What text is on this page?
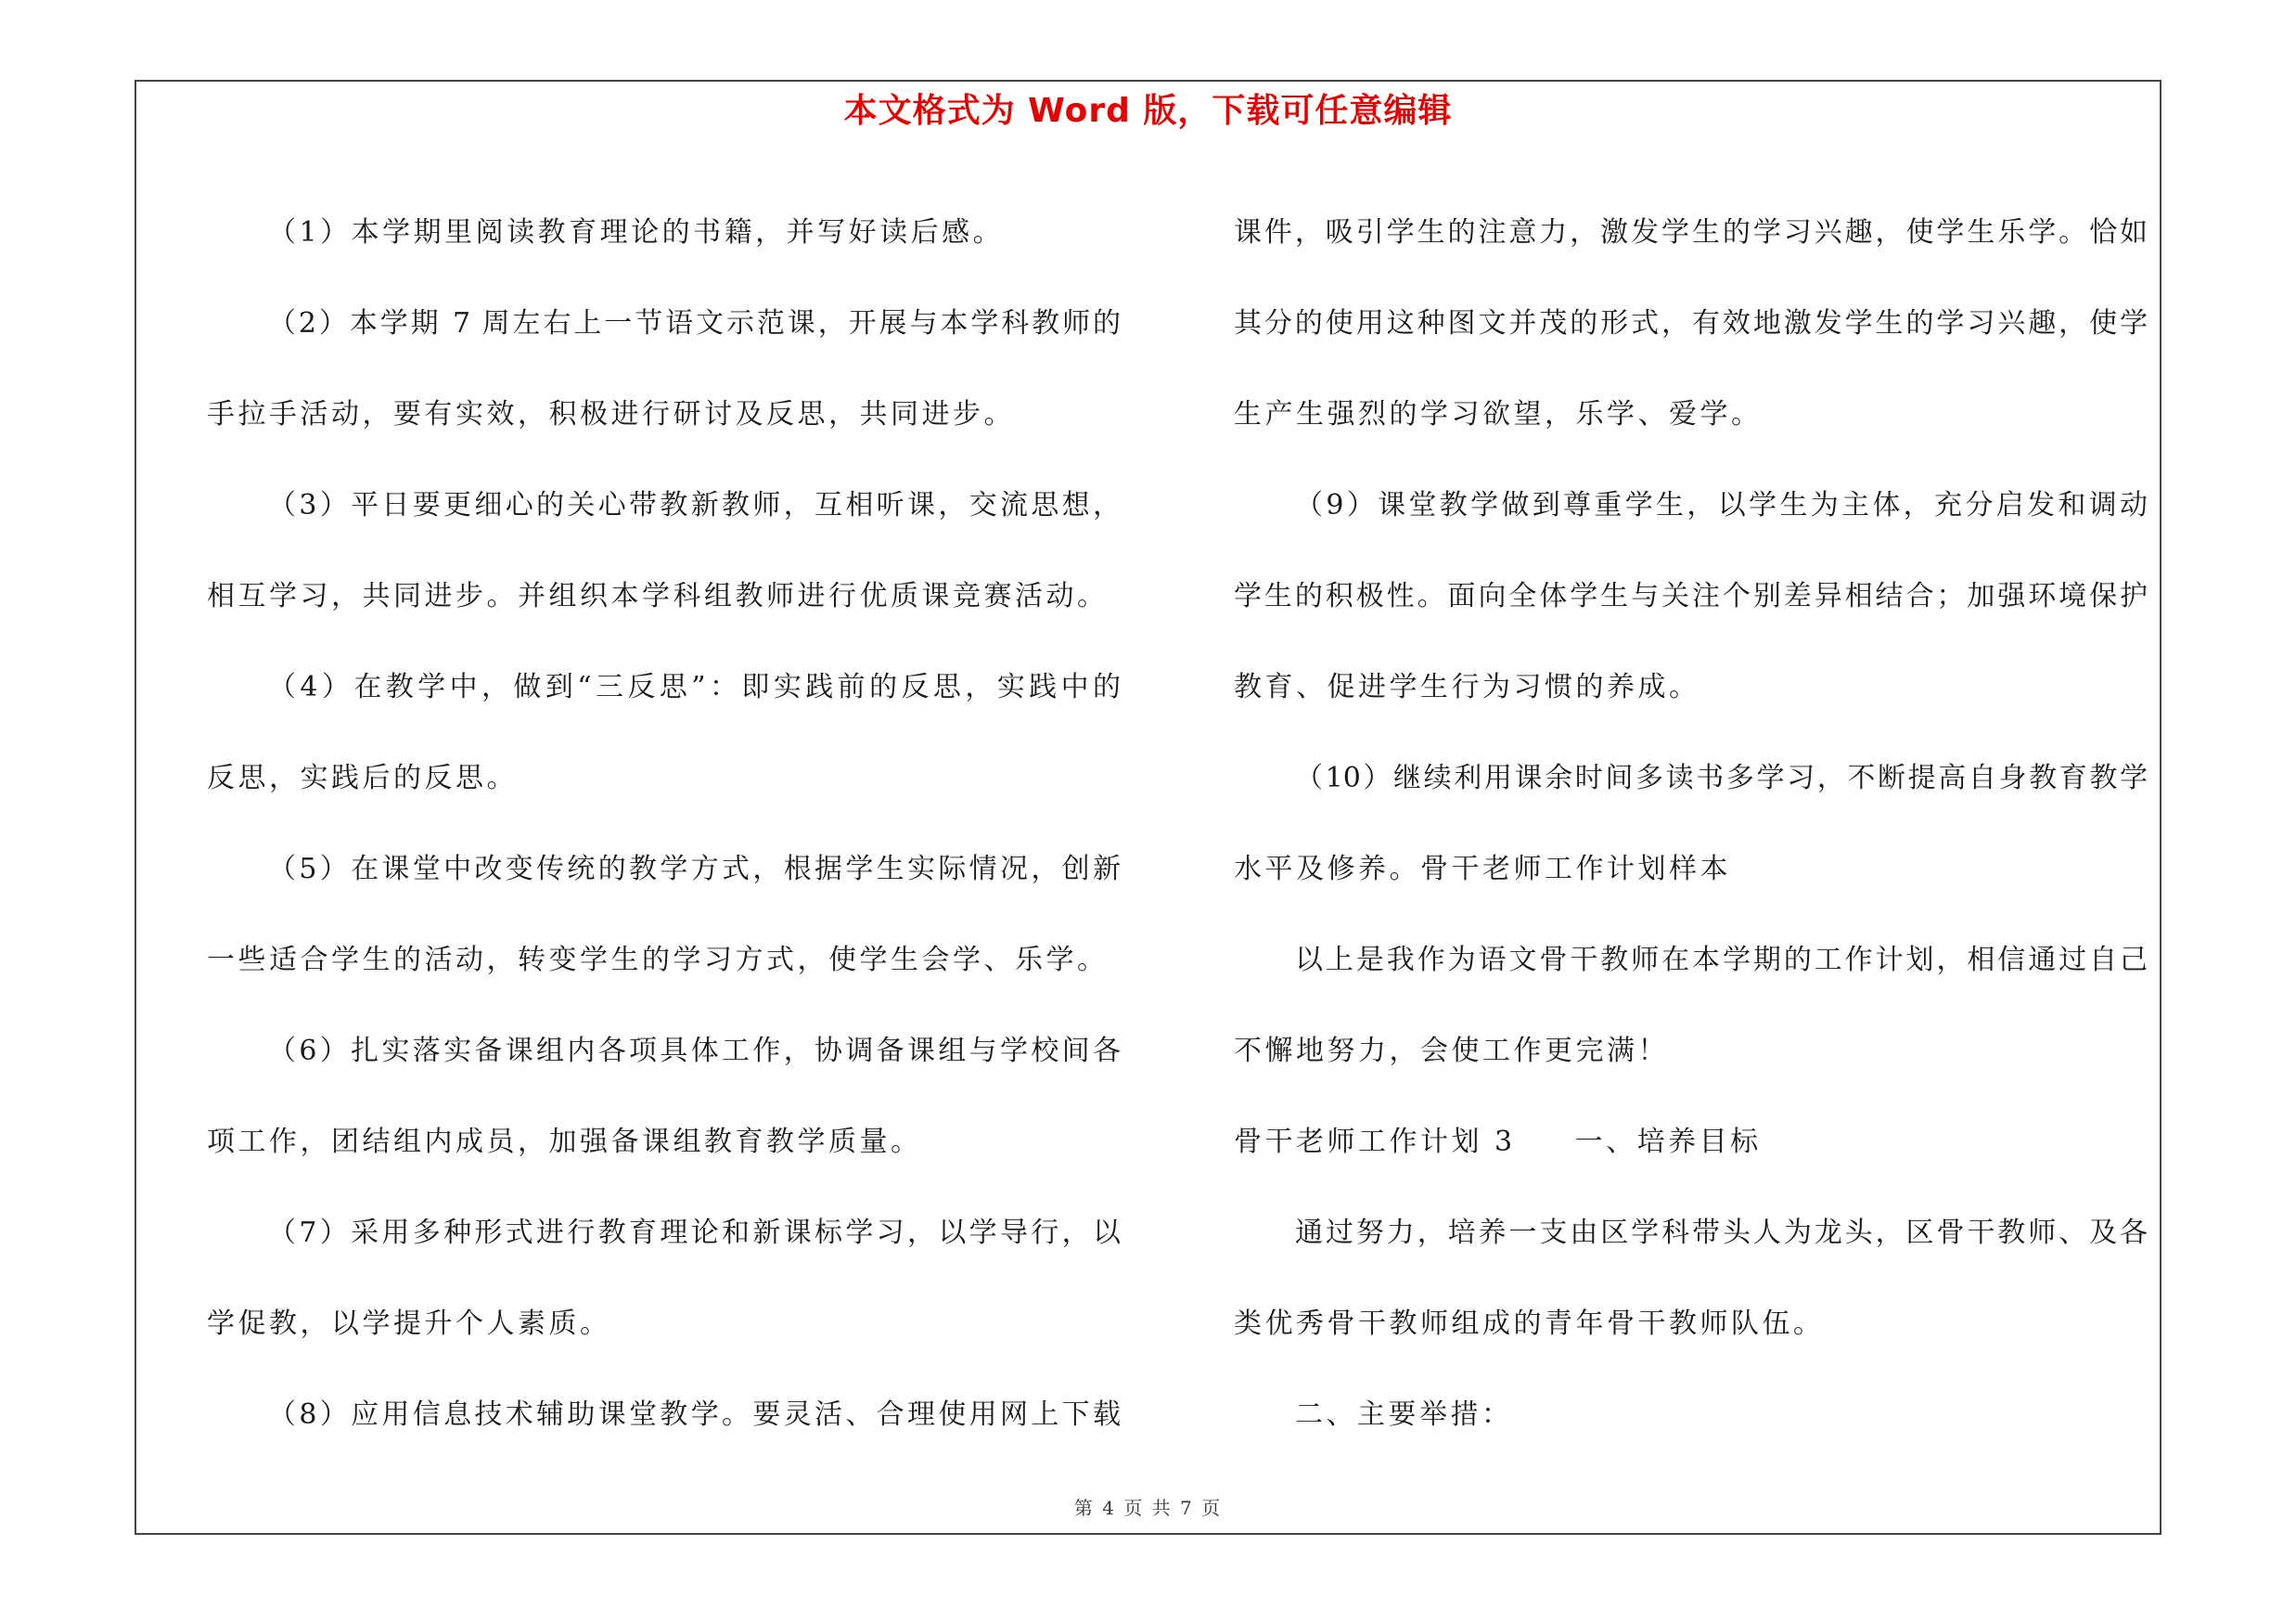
本文格式为 Word 版，下载可任意编辑
（1）本学期里阅读教育理论的书籍，并写好读后感。
（2）本学期 7 周左右上一节语文示范课，开展与本学科教师的
手拉手活动，要有实效，积极进行研讨及反思，共同进步。
（3）平日要更细心的关心带教新教师，互相听课，交流思想，
相互学习，共同进步。并组织本学科组教师进行优质课竞赛活动。
（4）在教学中，做到“三反思”：即实践前的反思，实践中的
反思，实践后的反思。
（5）在课堂中改变传统的教学方式，根据学生实际情况，创新
一些适合学生的活动，转变学生的学习方式，使学生会学、乐学。
（6）扎实落实备课组内各项具体工作，协调备课组与学校间各
项工作，团结组内成员，加强备课组教育教学质量。
（7）采用多种形式进行教育理论和新课标学习，以学导行，以
学促教，以学提升个人素质。
（8）应用信息技术辅助课堂教学。要灵活、合理使用网上下载
课件，吸引学生的注意力，激发学生的学习兴趣，使学生乐学。恰如
其分的使用这种图文并茂的形式，有效地激发学生的学习兴趣，使学
生产生强烈的学习欲望，乐学、爱学。
（9）课堂教学做到尊重学生，以学生为主体，充分启发和调动
学生的积极性。面向全体学生与关注个别差异相结合；加强环境保护
教育、促进学生行为习惯的养成。
（10）继续利用课余时间多读书多学习，不断提高自身教育教学
水平及修养。骨干老师工作计划样本
以上是我作为语文骨干教师在本学期的工作计划，相信通过自己
不懈地努力，会使工作更完满！
骨干老师工作计划 3 一、培养目标
通过努力，培养一支由区学科带头人为龙头，区骨干教师、及各
类优秀骨干教师组成的青年骨干教师队伍。
二、主要举措：
第 4 页 共 7 页
